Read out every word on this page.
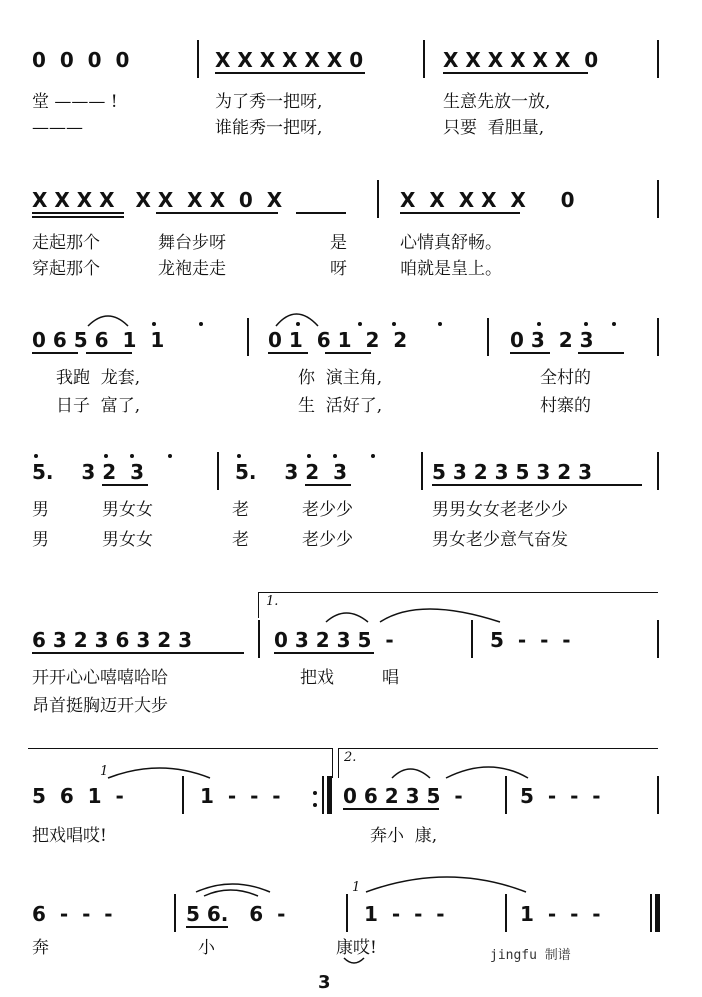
0  0  0  0	X X X X X X 0	X X X X X X  0
堂 ——— !	为了秀一把呀,	生意先放一放,
———	谁能秀一把呀,	只要  看胆量,
X X X X   X X  X X  0  X	X  X  X X  X     0
走起那个	舞台步呀	是	心情真舒畅。
穿起那个	龙袍走走	呀	咱就是皇上。
0 6 5 6  1  1	0 1  6 1  2  2	0 3  2 3
我跑  龙套,	你  演主角,	全村的
日子  富了,	生  活好了,	村寨的
5.    3 2  3	5.    3 2  3	5 3 2 3 5 3 2 3
男	男女女	老	老少少	男男女女老老少少
男	男女女	老	老少少	男女老少意气奋发
1.
6 3 2 3 6 3 2 3	0 3 2 3 5  -	5  -  -  -
开开心心嘻嘻哈哈	把戏	唱
昂首挺胸迈开大步
2.
5  6  1  -
1
1  -  -  -	0 6 2 3 5  -	5  -  -  -
把戏唱哎!	奔小  康,
6  -  -  -	5 6.   6  -
1
1  -  -  -	1  -  -  -
奔	小	康哎!	jingfu 制谱
3
